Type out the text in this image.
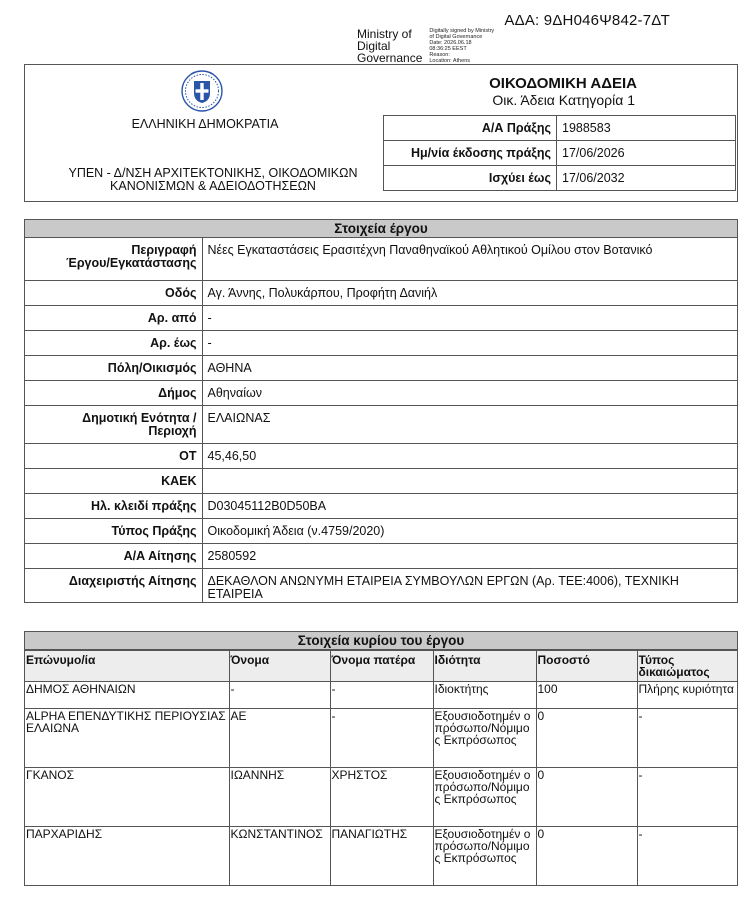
ΑΔΑ: 9ΔΗ046Ψ842-7ΔΤ
Ministry of
Digital
Governance
Digitally signed by Ministry
of Digital Governance
Date: 2026.06.18
08:36:25 EEST
Reason:
Location: Athens
ΕΛΛΗΝΙΚΗ ΔΗΜΟΚΡΑΤΙΑ
ΥΠΕΝ - Δ/ΝΣΗ ΑΡΧΙΤΕΚΤΟΝΙΚΗΣ, ΟΙΚΟΔΟΜΙΚΩΝ
ΚΑΝΟΝΙΣΜΩΝ & ΑΔΕΙΟΔΟΤΗΣΕΩΝ
ΟΙΚΟΔΟΜΙΚΗ ΑΔΕΙΑ
Οικ. Άδεια Κατηγορία 1
Α/Α Πράξης	1988583
Ημ/νία έκδοσης πράξης	17/06/2026
Ισχύει έως	17/06/2032
Στοιχεία έργου
Περιγραφή
Έργου/Εγκατάστασης	Νέες Εγκαταστάσεις Ερασιτέχνη Παναθηναϊκού Αθλητικού Ομίλου στον Βοτανικό

Οδός	Αγ. Άννης, Πολυκάρπου, Προφήτη Δανιήλ

Αρ. από	-

Αρ. έως	-

Πόλη/Οικισμός	ΑΘΗΝΑ

Δήμος	Αθηναίων

Δημοτική Ενότητα /
Περιοχή	ΕΛΑΙΩΝΑΣ

ΟΤ	45,46,50

ΚΑΕΚ	

Ηλ. κλειδί πράξης	D03045112B0D50BA

Τύπος Πράξης	Οικοδομική Άδεια (ν.4759/2020)

Α/Α Αίτησης	2580592

Διαχειριστής Αίτησης	ΔΕΚΑΘΛΟΝ ΑΝΩΝΥΜΗ ΕΤΑΙΡΕΙΑ ΣΥΜΒΟΥΛΩΝ ΕΡΓΩΝ (Αρ. ΤΕΕ:4006), ΤΕΧΝΙΚΗ ΕΤΑΙΡΕΙΑ
Στοιχεία κυρίου του έργου
Επώνυμο/ία	Όνομα	Όνομα πατέρα	Ιδιότητα	Ποσοστό	Τύπος δικαιώματος
ΔΗΜΟΣ ΑΘΗΝΑΙΩΝ	-	-	Ιδιοκτήτης	100	Πλήρης κυριότητα
ALPHA ΕΠΕΝΔΥΤΙΚΗΣ ΠΕΡΙΟΥΣΙΑΣ ΕΛΑΙΩΝΑ	ΑΕ	-	Εξουσιοδοτημέν ο πρόσωπο/Νόμιμο ς Εκπρόσωπος	0	-
ΓΚΑΝΟΣ	ΙΩΑΝΝΗΣ	ΧΡΗΣΤΟΣ	Εξουσιοδοτημέν ο πρόσωπο/Νόμιμο ς Εκπρόσωπος	0	-
ΠΑΡΧΑΡΙΔΗΣ	ΚΩΝΣΤΑΝΤΙΝΟΣ	ΠΑΝΑΓΙΩΤΗΣ	Εξουσιοδοτημέν ο πρόσωπο/Νόμιμο ς Εκπρόσωπος	0	-
